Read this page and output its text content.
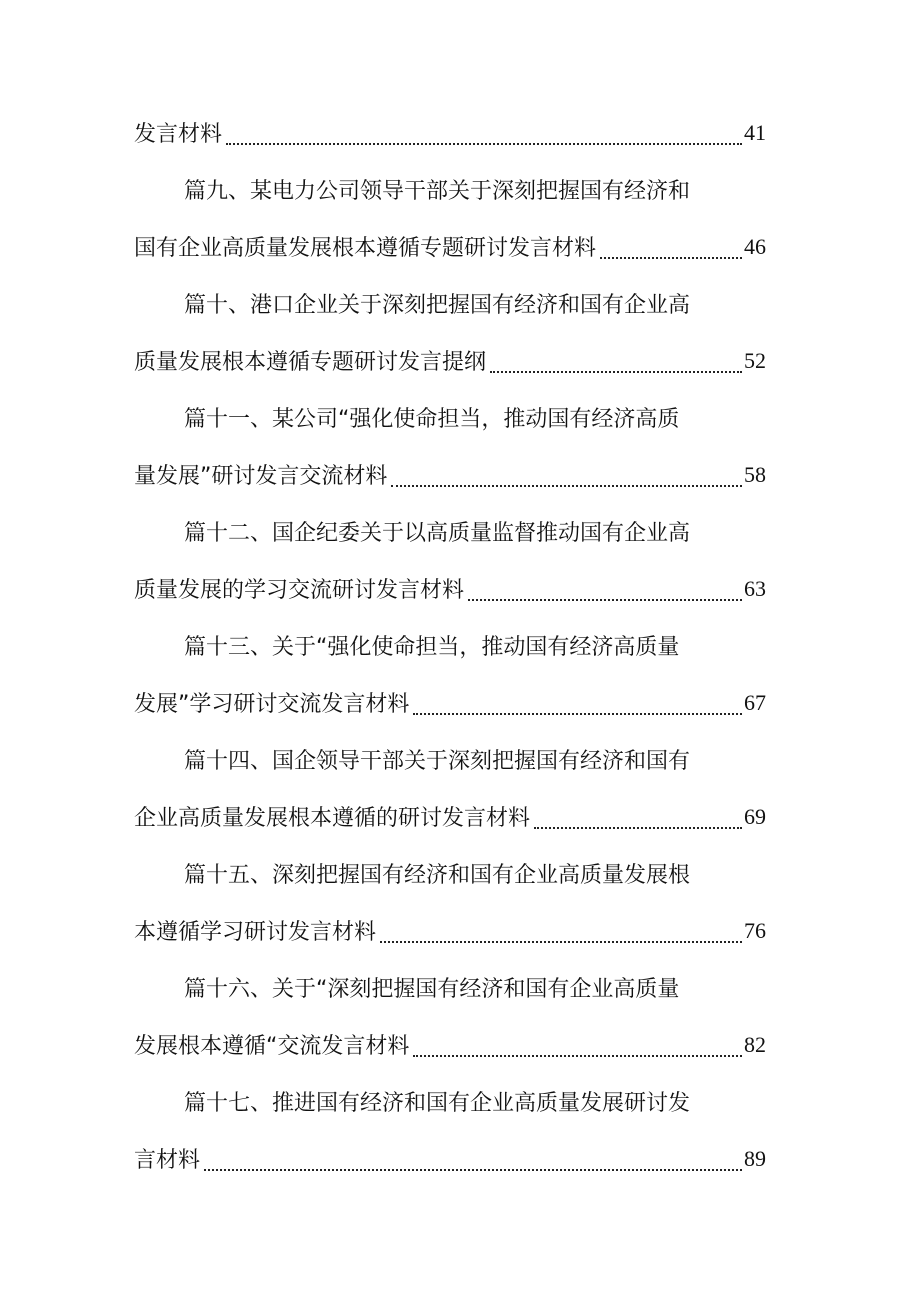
发言材料	41
篇九、某电力公司领导干部关于深刻把握国有经济和
国有企业高质量发展根本遵循专题研讨发言材料	46
篇十、港口企业关于深刻把握国有经济和国有企业高
质量发展根本遵循专题研讨发言提纲	52
篇十一、某公司“强化使命担当，推动国有经济高质
量发展”研讨发言交流材料	58
篇十二、国企纪委关于以高质量监督推动国有企业高
质量发展的学习交流研讨发言材料	63
篇十三、关于“强化使命担当，推动国有经济高质量
发展”学习研讨交流发言材料	67
篇十四、国企领导干部关于深刻把握国有经济和国有
企业高质量发展根本遵循的研讨发言材料	69
篇十五、深刻把握国有经济和国有企业高质量发展根
本遵循学习研讨发言材料	76
篇十六、关于“深刻把握国有经济和国有企业高质量
发展根本遵循“交流发言材料	82
篇十七、推进国有经济和国有企业高质量发展研讨发
言材料	89
